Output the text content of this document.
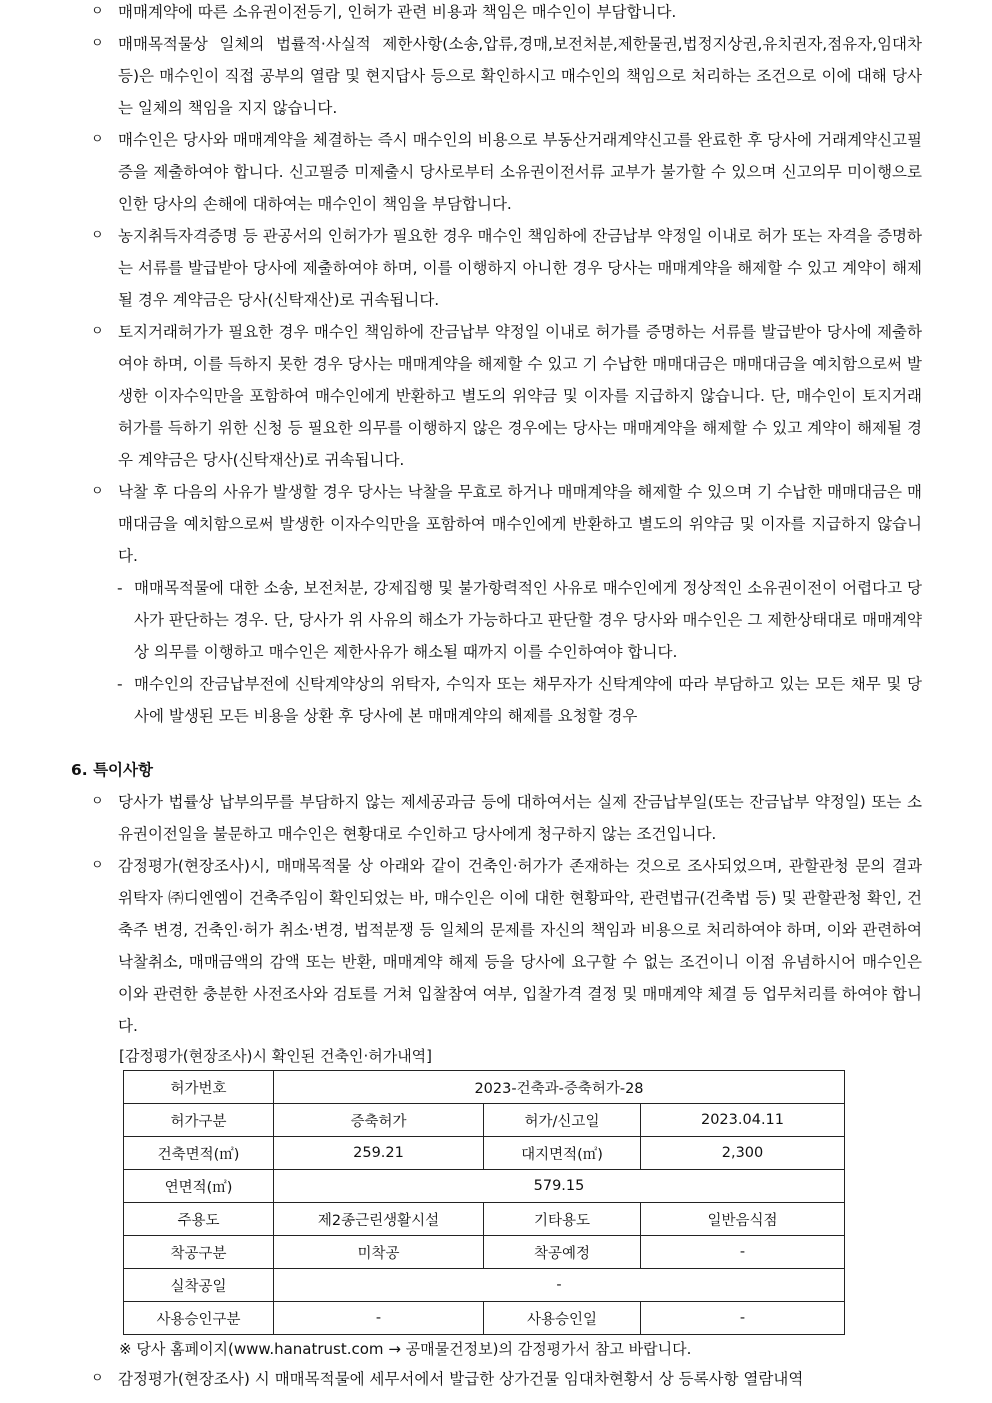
ㅇ 매매계약에 따른 소유권이전등기, 인허가 관련 비용과 책임은 매수인이 부담합니다.
ㅇ 매매목적물상 일체의 법률적·사실적 제한사항(소송,압류,경매,보전처분,제한물권,법정지상권,유치권자,점유자,임대차 등)은 매수인이 직접 공부의 열람 및 현지답사 등으로 확인하시고 매수인의 책임으로 처리하는 조건으로 이에 대해 당사는 일체의 책임을 지지 않습니다.
ㅇ 매수인은 당사와 매매계약을 체결하는 즉시 매수인의 비용으로 부동산거래계약신고를 완료한 후 당사에 거래계약신고필증을 제출하여야 합니다. 신고필증 미제출시 당사로부터 소유권이전서류 교부가 불가할 수 있으며 신고의무 미이행으로 인한 당사의 손해에 대하여는 매수인이 책임을 부담합니다.
ㅇ 농지취득자격증명 등 관공서의 인허가가 필요한 경우 매수인 책임하에 잔금납부 약정일 이내로 허가 또는 자격을 증명하는 서류를 발급받아 당사에 제출하여야 하며, 이를 이행하지 아니한 경우 당사는 매매계약을 해제할 수 있고 계약이 해제될 경우 계약금은 당사(신탁재산)로 귀속됩니다.
ㅇ 토지거래허가가 필요한 경우 매수인 책임하에 잔금납부 약정일 이내로 허가를 증명하는 서류를 발급받아 당사에 제출하여야 하며, 이를 득하지 못한 경우 당사는 매매계약을 해제할 수 있고 기 수납한 매매대금은 매매대금을 예치함으로써 발생한 이자수익만을 포함하여 매수인에게 반환하고 별도의 위약금 및 이자를 지급하지 않습니다. 단, 매수인이 토지거래허가를 득하기 위한 신청 등 필요한 의무를 이행하지 않은 경우에는 당사는 매매계약을 해제할 수 있고 계약이 해제될 경우 계약금은 당사(신탁재산)로 귀속됩니다.
ㅇ 낙찰 후 다음의 사유가 발생할 경우 당사는 낙찰을 무효로 하거나 매매계약을 해제할 수 있으며 기 수납한 매매대금은 매매대금을 예치함으로써 발생한 이자수익만을 포함하여 매수인에게 반환하고 별도의 위약금 및 이자를 지급하지 않습니다.
- 매매목적물에 대한 소송, 보전처분, 강제집행 및 불가항력적인 사유로 매수인에게 정상적인 소유권이전이 어렵다고 당사가 판단하는 경우. 단, 당사가 위 사유의 해소가 가능하다고 판단할 경우 당사와 매수인은 그 제한상태대로 매매계약상 의무를 이행하고 매수인은 제한사유가 해소될 때까지 이를 수인하여야 합니다.
- 매수인의 잔금납부전에 신탁계약상의 위탁자, 수익자 또는 채무자가 신탁계약에 따라 부담하고 있는 모든 채무 및 당사에 발생된 모든 비용을 상환 후 당사에 본 매매계약의 해제를 요청할 경우
6. 특이사항
ㅇ 당사가 법률상 납부의무를 부담하지 않는 제세공과금 등에 대하여서는 실제 잔금납부일(또는 잔금납부 약정일) 또는 소유권이전일을 불문하고 매수인은 현황대로 수인하고 당사에게 청구하지 않는 조건입니다.
ㅇ 감정평가(현장조사)시, 매매목적물 상 아래와 같이 건축인·허가가 존재하는 것으로 조사되었으며, 관할관청 문의 결과 위탁자 ㈜디엔엠이 건축주임이 확인되었는 바, 매수인은 이에 대한 현황파악, 관련법규(건축법 등) 및 관할관청 확인, 건축주 변경, 건축인·허가 취소·변경, 법적분쟁 등 일체의 문제를 자신의 책임과 비용으로 처리하여야 하며, 이와 관련하여 낙찰취소, 매매금액의 감액 또는 반환, 매매계약 해제 등을 당사에 요구할 수 없는 조건이니 이점 유념하시어 매수인은 이와 관련한 충분한 사전조사와 검토를 거쳐 입찰참여 여부, 입찰가격 결정 및 매매계약 체결 등 업무처리를 하여야 합니다.
[감정평가(현장조사)시 확인된 건축인·허가내역]
허가번호	2023-건축과-증축허가-28		
허가구분	증축허가	허가/신고일	2023.04.11
건축면적(㎡)	259.21	대지면적(㎡)	2,300
연면적(㎡)	579.15		
주용도	제2종근린생활시설	기타용도	일반음식점
착공구분	미착공	착공예정	-
실착공일	-		
사용승인구분	-	사용승인일	-
※ 당사 홈페이지(www.hanatrust.com → 공매물건정보)의 감정평가서 참고 바랍니다.
ㅇ 감정평가(현장조사) 시 매매목적물에 세무서에서 발급한 상가건물 임대차현황서 상 등록사항 열람내역
